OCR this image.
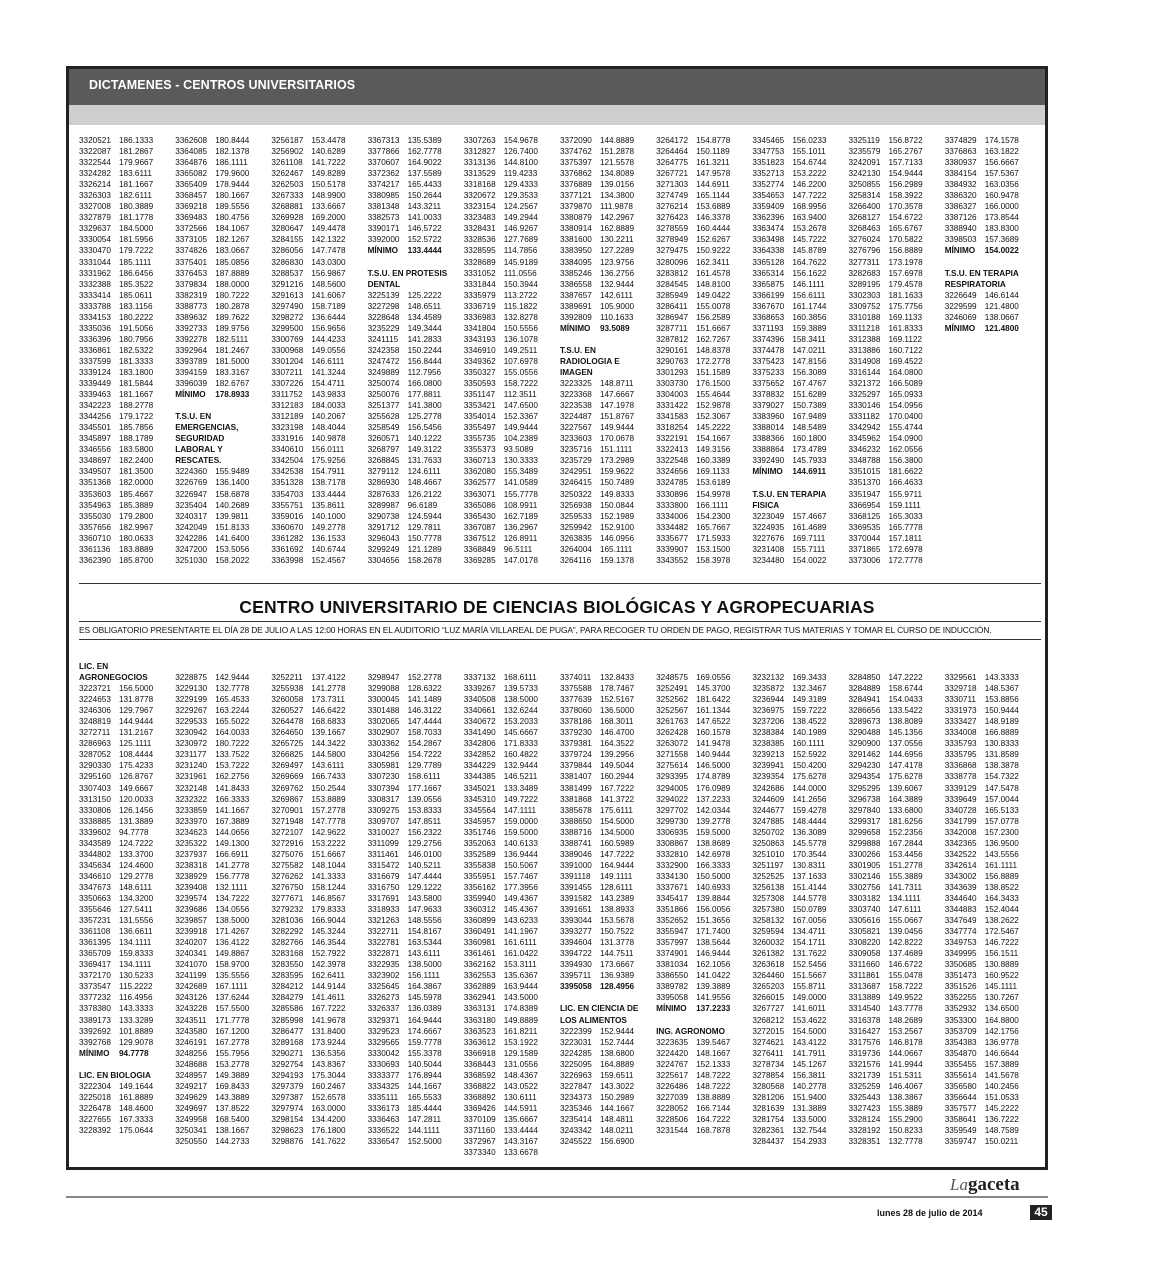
DICTAMENES - CENTROS UNIVERSITARIOS
3320521 186.1333
3322087 181.2867
3322544 179.9667
3324282 183.6111
3326214 181.1667
3326303 182.6111
3327008 180.3889
3327879 181.1778
3329637 184.5000
3330054 181.5956
3330470 179.7222
3331044 185.1111
3331962 186.6456
3332388 185.3522
3333414 185.0611
3333788 183.1156
3334153 180.2222
3335036 191.5056
3336396 180.7956
3336861 182.5322
3337599 181.3333
3339124 183.1800
3339449 181.5844
3339463 181.1667
3342223 188.2778
3344256 179.1722
3345501 185.7856
3345897 188.1789
3346556 183.5800
3348697 182.2400
3349507 181.3500
3351368 182.0000
3353603 185.4667
3354963 185.3889
3355030 179.2800
3357656 182.9967
3360710 180.0633
3361136	183.8889
3362390 185.8700
3362608 180.8444
3364085 182.1378
3364876 186.1111
3365082 179.9600
3365409 178.9444
3368457 180.1667
3369218 189.5556
3369483 180.4756
3372566 184.1067
3373105 182.1267
3374826 183.0667
3375401 185.0856
3376453 187.8889
3379834 188.0000
3382319 180.7222
3388773 180.2878
3389632 189.7622
3392733 189.9756
3392278 182.5111
3392964 181.2467
3393789 181.5000
3394159 183.3167
3396039 182.6767
MÍNIMO	178.8933

T.S.U. EN
EMERGENCIAS,
SEGURIDAD
LABORAL Y
RESCATES.
3224360 155.9489
3226769 136.1400
3226947 158.6878
3235404 140.2689
3240317 139.9811
3242049 151.8133
3242286 141.6400
3247200 153.5056
3251030 158.2022
3256187 153.4478
3256902 140.6289
3261108	141.7222
3262467 149.8289
3262503 150.5178
3267333 148.9900
3268881 133.6667
3269928 169.2000
3280647 149.4478
3284155 142.1322
3286056 147.7478
3286830 143.0300
3288537 156.9867
3291216 148.5600
3291613 141.6067
3297490 158.7189
3298272 136.6444
3299500 156.9656
3300769 144.4233
3300968 149.0556
3301204 146.6111
3307211	141.3244
3307226 154.4711
3311752	143.9833
3312183 184.0033
3312189 140.2067
3323198 148.4044
3331916 140.9878
3340610 156.0111
3342504 175.9256
3342538 154.7911
3351328 138.7178
3354703 133.4444
3355751 135.8611
3359016 140.1000
3360670 149.2778
3361282 136.1533
3361692 140.6744
3363998 152.4567
3367313 135.5389
3377866 162.7778
3370607 164.9022
3372362 137.5589
3374217 165.4433
3380985 150.2644
3381348 143.3211
3382573 141.0033
3390171 146.5722
3392000 152.5722
MÍNIMO	133.4444

T.S.U. EN PROTESIS
DENTAL
3225139 125.2222
3227298 148.6511
3228648 134.4589
3235229 149.3444
3241115	141.2833
3242358 150.2244
3247472 156.8444
3249889 112.7956
3250074 166.0800
3250076 177.8811
3251377 141.3800
3255628 125.2778
3258549 156.5456
3260571 140.1222
3268797 149.3122
3268845 131.7633
3279112	124.6111
3286930 148.4667
3287633 126.2122
3289987 96.6189
3290738 124.5944
3291712 129.7811
3296043 150.7778
3299249 121.1289
3304656 158.2678
3307263 154.9678
3312827 126.7400
3313136 144.8100
3313529 119.4233
3318168 129.4333
3320672 129.3533
3323154 124.2567
3323483 149.2944
3328431 146.9267
3328536 127.7689
3328595 114.7856
3328689 145.9189
3331052 111.0556
3331844 150.3944
3335979 113.2722
3336719 115.1822
3336983 132.8278
3341804 150.5556
3343193 136.1078
3346910 149.2511
3349362 107.6978
3350327 155.0556
3350593 158.7222
3351147	112.3511
3353421 147.6500
3354014 152.3367
3355497 149.9444
3355735 104.2389
3355373 93.5089
3360713 130.3333
3362080 155.3489
3362577 141.0589
3363071 155.7778
3365086 108.9911
3365430 162.7189
3367087 136.2967
3367512 126.8911
3368849 96.5111
3369285 147.0178
3372090 144.8889
3374762 151.2878
3375397 121.5578
3376862 134.8089
3376889 139.0156
3377121 134.3800
3379870 111.9878
3380879 142.2967
3380914 162.8889
3381600 130.2211
3383950 127.2289
3384095 123.9756
3385246 136.2756
3386558 132.9444
3387657 142.6111
3389691 105.9000
3392809 110.1633
MÍNIMO	93.5089

T.S.U. EN
RADIOLOGIA E
IMAGEN
3223325 148.8711
3223368 147.6667
3223538 147.1978
3224487 151.8767
3227567 149.9444
3233603 170.0678
3235716 151.1111
3235729 173.2989
3242951 159.9622
3246415 150.7489
3250322 149.8333
3256938 150.0844
3259533 152.1989
3259942 152.9100
3263835 146.0956
3264004 165.1111
3264116	159.1378
3264172 154.8778
3264464 150.1189
3264775 161.3211
3267721 147.9578
3271303 144.6911
3274749 165.1144
3276214 153.6889
3276423 146.3378
3278559 160.4444
3278949 152.6267
3279475 150.9222
3280096 162.3411
3283812 161.4578
3284545 148.8100
3285949 149.0422
3286411	155.0078
3286947 156.2589
3287711	151.6667
3287812 162.7267
3290161 148.8378
3290763 172.2778
3301293 151.1589
3303730 176.1500
3304003 155.4644
3331422 152.9878
3341583 152.3067
3318254 145.2222
3322191 154.1667
3322413 149.3156
3322548 160.3389
3324656 169.1133
3324785 153.6189
3330896 154.9978
3333800 166.1111
3334006 154.2300
3334482 165.7667
3335677 171.5933
3339907 153.1500
3343552 158.3978
3345465 156.0233
3347753 155.1011
3351823 154.6744
3352713 153.2222
3352774 146.2200
3354653 147.7222
3359409 168.9956
3362396 163.9400
3363474 153.2678
3363498 145.7222
3364338 145.8789
3365128 164.7622
3365314 156.1622
3365875 146.1111
3366199 156.6111
3367670 161.1744
3368653 160.3856
3371193	159.3889
3374396 158.3411
3374478 147.0211
3375423 147.8156
3375233 156.3089
3375652 167.4767
3378832 151.6289
3379027 150.7389
3383960 167.9489
3388014 148.5489
3388366 160.1800
3388864 173.4789
3392490 145.7933
MÍNIMO	144.6911

T.S.U. EN TERAPIA
FISICA
3223049 157.4667
3224935 161.4689
3227676 169.7111
3231408 155.7111
3234480 154.0022
3325119	156.8722
3235579 165.2767
3242091 157.7133
3242130 154.9444
3250855 156.2989
3258314 158.3922
3266400 170.3578
3268127 154.6722
3268463 165.6767
3276024 170.5822
3276796 156.8889
3277311	173.1978
3282683 157.6978
3289195 179.4578
3302303 181.1633
3309752 175.7756
3310188 169.1133
3311218	161.8333
3312388 169.1122
3313886 160.7122
3314908 169.4522
3316144 164.0800
3321372 166.5089
3325297 165.0933
3330146 154.0956
3331182	170.0400
3342942 155.4744
3345962 154.0900
3346232 162.0556
3348788 156.3800
3351015 181.6622
3351370 166.4633
3351947 155.9711
3366954 159.1111
3368125 165.3033
3369535 165.7778
3370044 157.1811
3371865 172.6978
3373006 172.7778
3374829 174.1578
3376863 163.1822
3380937 156.6667
3384154 157.5367
3384932 163.0356
3386320 160.9478
3386327 166.0000
3387126 173.8544
3388940 183.8300
3398503 157.3689
MÍNIMO	154.0022

T.S.U. EN TERAPIA
RESPIRATORIA
3226649 146.6144
3229599 121.4800
3246069 138.0667
MÍNIMO	121.4800
CENTRO UNIVERSITARIO DE CIENCIAS BIOLÓGICAS Y AGROPECUARIAS
ES OBLIGATORIO PRESENTARTE EL DÍA 28 DE JULIO A LAS 12:00 HORAS EN EL AUDITORIO “LUZ MARÍA VILLAREAL DE PUGA”, PARA RECOGER TU ORDEN DE PAGO, REGISTRAR TUS MATERIAS Y TOMAR EL CURSO DE INDUCCIÓN.
LIC. EN
AGRONEGOCIOS
3223721 156.5000
3224653 131.8778
3246306 129.7967
3248819 144.9444
3272711	131.2167
3286963 125.1111
3287052 108.4444
3290330 175.4233
3295160 126.8767
3307403 149.6667
3313150 120.0033
3330806 126.1456
3338885 131.3889
3339602 94.7778
3343589 124.7222
3344802 133.3700
3345634 124.4600
3346610 129.2778
3347673 148.6111
3350663 134.3200
3355646 127.5411
3357231 131.5556
3361108	136.6611
3361395 134.1111
3365709 159.8333
3369417 134.1111
3372170 130.5233
3373547 115.2222
3377232 116.4956
3378380 143.3333
3389173 133.3289
3392692 101.8889
3392768 129.9078
MÍNIMO	94.7778

LIC. EN BIOLOGIA
3222304 149.1644
3225018 161.8889
3226478 148.4600
3227655 167.3333
3228392 175.0644

3228875 142.9444
3229130 132.7778
3229199 165.4533
3229267 163.2244
3229533 165.5022
3230942 164.0033
3230972 180.7222
3231177	133.7522
3231240 153.7222
3231961 162.2756
3232148 141.8433
3232322 166.3333
3233859 141.1667
3233970 167.3889
3234623 144.0656
3235322 149.1300
3237937 166.6911
3238318 141.2778
3238929 156.7778
3239408 132.1111
3239574 134.7222
3239686 134.0556
3239857 138.5000
3239918 171.4267
3240207 136.4122
3240341 149.8867
3241070 158.9700
3241199	135.5556
3242689 167.1111
3243126 137.6244
3243228 157.5500
3243511	171.7778
3243580 167.1200
3246191 167.2778
3248256 155.7956
3248688 153.2778
3248957 149.3889
3249217 169.8433
3249629 143.3889
3249697 137.8522
3249958 168.5400
3250341 138.1667
3250550 144.2733

3252211	137.4122
3255938 141.2778
3260058 173.7311
3260527 146.6422
3264478 168.6833
3264650 139.1667
3265725 144.3422
3266825 144.5800
3269497 143.6111
3269669 166.7433
3269762 150.2544
3269867 153.8889
3270901 157.2778
3271948 147.7778
3272107 142.9622
3272916 153.2222
3275076 151.6667
3275582 148.1044
3276262 141.3333
3276750 158.1244
3277671 146.8567
3279232 179.8333
3281036 166.9044
3282292 145.3244
3282766 146.3544
3283168 152.7922
3283550 142.3978
3283595 162.6411
3284212 144.9144
3284279 141.4611
3285586 167.7222
3285998 141.9678
3286477 131.8400
3289168 173.9244
3290271 136.5356
3292754 143.8367
3294193 175.3044
3297379 160.2467
3297387 152.6578
3297974 163.0000
3298154 134.4200
3298623 176.1800
3298876 141.7622

3298947 152.2778
3299088 128.6322
3300045 141.1489
3301488 146.3122
3302065 147.4444
3302907 158.7033
3303362 154.2867
3304256 154.7222
3305981 129.7789
3307230 158.6111
3307394 177.1667
3308317 139.0556
3309275 153.8333
3309707 147.8511
3310027 156.2322
3311099	129.2756
3311461	146.0100
3315472 140.5211
3316679 147.4444
3316750 129.1222
3317691 143.5800
3318933 147.9633
3321263 148.5556
3322711	154.8167
3322781 163.5344
3322871 143.6111
3322935 138.5000
3323902 156.1111
3325645 164.3867
3326273 145.5978
3326337 136.0389
3329371 164.9444
3329523 174.6667
3329565 159.7778
3330042 155.3378
3330693 140.5044
3333377 176.8944
3334325 144.1667
3335111	165.5533
3336173 185.4444
3336463 147.2811
3336522 144.1111
3336547 152.5000

3337132 168.6111
3339267 139.5733
3340508 138.5000
3340661 132.6244
3340672 153.2033
3341490 145.6667
3342806 171.8333
3342852 160.4822
3344229 132.9444
3344385 146.5211
3345021 133.3489
3345310 149.7222
3345564 147.1111
3345957 159.0000
3351746 159.5000
3352063 140.6133
3352589 136.9444
3355838 150.5067
3355951 157.7467
3356162 177.3956
3359940 149.4367
3360312 145.4367
3360899 143.6233
3360491 141.1967
3360981 161.6111
3361461 161.0422
3362162 153.3111
3362553 135.6367
3362889 163.9444
3362941 143.5000
3363131 174.8389
3363180 149.8889
3363523 161.8211
3363612 153.1922
3366918 129.1589
3368443 131.0556
3368592 148.4367
3368822 143.0522
3368892 130.6111
3369426 144.5911
3370109 135.6667
3371160	133.4444
3372967 143.3167
3373340 133.6678

3374011	132.8433
3375588 178.7467
3377639 152.5167
3378060 136.5000
3378186 168.3011
3379230 146.4700
3379381 164.3522
3379724 139.2956
3379844 149.5044
3381407 160.2944
3381499 167.7222
3381868 141.3722
3385678 175.6111
3388650 154.5000
3388716 134.5000
3388741 160.5989
3389046 147.7222
3391000 164.9444
3391118	149.1111
3391455 128.6111
3391582 143.2389
3391651 138.8933
3393044 153.5678
3393277 150.7522
3394604 131.3778
3394722 144.7511
3394930 173.6667
3395711	136.9389
3395058 128.4956

LIC. EN CIENCIA DE
LOS ALIMENTOS
3222399 152.9444
3223031 152.7444
3224285 138.6800
3225095 164.8889
3226963 159.6511
3227847 143.3022
3234373 150.2989
3235346 144.1667
3235414 148.4811
3243342 148.0211
3245522 156.6900

3248575 169.0556
3252491 145.3700
3252562 181.6422
3252567 161.1344
3261763 147.6522
3262428 160.1578
3263072 141.9478
3271558 140.9444
3275614 146.5000
3293395 174.8789
3294005 176.0989
3294022 137.2233
3297702 142.0344
3299730 139.2778
3306935 159.5000
3308867 138.8689
3332810 142.6978
3332900 166.3333
3334130 150.5000
3337671 140.6933
3345417 139.8844
3351866 156.0056
3352652 151.3656
3355947 171.7400
3357997 138.5644
3374901 146.9444
3381034 162.1056
3386550 141.0422
3389782 139.3889
3395058 141.9556
MÍNIMO	137.2233

ING. AGRONOMO
3223635 139.5467
3224420 148.1667
3224767 152.1333
3225617 148.7222
3226486 148.7222
3227039 138.8889
3228052 166.7144
3228506 164.7222
3231544 168.7878

3232132 169.3433
3235872 132.3467
3236944 149.3189
3236975 159.7222
3237206 138.4522
3238384 140.1989
3238385 160.1111
3239213 152.5922
3239941 150.4200
3239354 175.6278
3242686 144.0000
3244609 141.2656
3244677 159.4278
3247885 148.4444
3250702 136.3089
3250863 145.5778
3251010 170.3544
3251197	130.8311
3252525 137.1633
3256138 151.4144
3257308 144.5778
3257380 150.0789
3258132 167.0056
3259594 134.4711
3260032 154.1711
3261382 131.7622
3263618 152.5456
3264460 151.5667
3265203 155.8711
3266015 149.0000
3267727 141.6011
3268212 153.4622
3272015 154.5000
3274621 143.4122
3276411	141.7911
3278734 145.1267
3278854 156.3811
3280568 140.2778
3281206 151.9400
3281639 131.3889
3281754 133.5000
3282361 132.7544
3284437 154.2933

3284850 147.2222
3284889 158.6744
3284941 154.0433
3286656 133.5422
3289673 138.8089
3290488 145.1356
3290900 137.0556
3291462 144.6956
3294230 147.4178
3294354 175.6278
3295295 139.6067
3296738 164.3889
3297840 133.6800
3299317 181.6256
3299658 152.2356
3299888 167.2844
3300266 153.4456
3301905 151.2778
3302146 155.3889
3302756 141.7311
3303182 134.1111
3303740 147.6111
3305616 155.0667
3305821 139.0456
3308220 142.8222
3309058 137.4689
3311660	146.6722
3311861	155.0478
3313687 158.7222
3313889 149.9522
3314540 143.7778
3316378 148.2689
3316427 153.2567
3317576 146.8178
3319736 144.0667
3321576 141.9944
3321739 151.5311
3325259 146.4067
3325443 138.3867
3327423 155.3889
3328124 155.2900
3328192 150.8233
3328351 132.7778

3329561 143.3333
3329718 148.5367
3330711	153.8856
3331973 150.9444
3333427 148.9189
3334008 166.8889
3335793 130.8333
3335795 131.8589
3336868 138.3878
3338778 154.7322
3339129 147.5478
3339649 157.0044
3340728 165.5133
3341799 157.0778
3342008 157.2300
3342365 136.9500
3342522 143.5556
3342614 161.1111
3343002 156.8889
3343639 138.8522
3344640 164.3433
3344883 152.4044
3347649 138.2622
3347774 172.5467
3349753 146.7222
3349995 156.1511
3350685 130.8889
3351473 160.9522
3351526 145.1111
3352255 130.7267
3352932 134.6500
3353300 164.8800
3353709 142.1756
3354383 136.9778
3354870 146.6644
3355455 157.3889
3355614 141.5678
3356580 140.2456
3356644 151.0533
3357577 145.2222
3358641 136.7222
3359549 148.7589
3359747 150.0211
Lagaceta
lunes 28 de julio de 2014	45
